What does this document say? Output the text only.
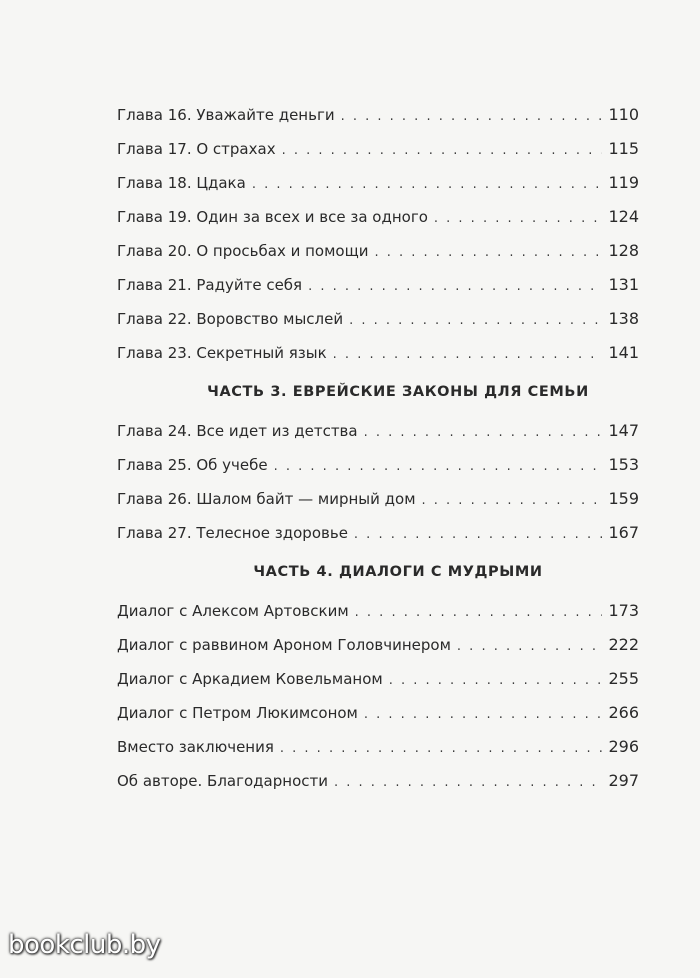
Глава 16. Уважайте деньги . . .	110
Глава 17. О страхах . . .	115
Глава 18. Цдака . . .	119
Глава 19. Один за всех и все за одного . . .	124
Глава 20. О просьбах и помощи . . .	128
Глава 21. Радуйте себя . . .	131
Глава 22. Воровство мыслей . . .	138
Глава 23. Секретный язык . . .	141
ЧАСТЬ 3. ЕВРЕЙСКИЕ ЗАКОНЫ ДЛЯ СЕМЬИ
Глава 24. Все идет из детства . . .	147
Глава 25. Об учебе . . .	153
Глава 26. Шалом байт — мирный дом . . .	159
Глава 27. Телесное здоровье . . .	167
ЧАСТЬ 4. ДИАЛОГИ С МУДРЫМИ
Диалог с Алексом Артовским . . .	173
Диалог с раввином Ароном Головчинером . . .	222
Диалог с Аркадием Ковельманом . . .	255
Диалог с Петром Люкимсоном . . .	266
Вместо заключения . . .	296
Об авторе. Благодарности . . .	297
bookclub.by
